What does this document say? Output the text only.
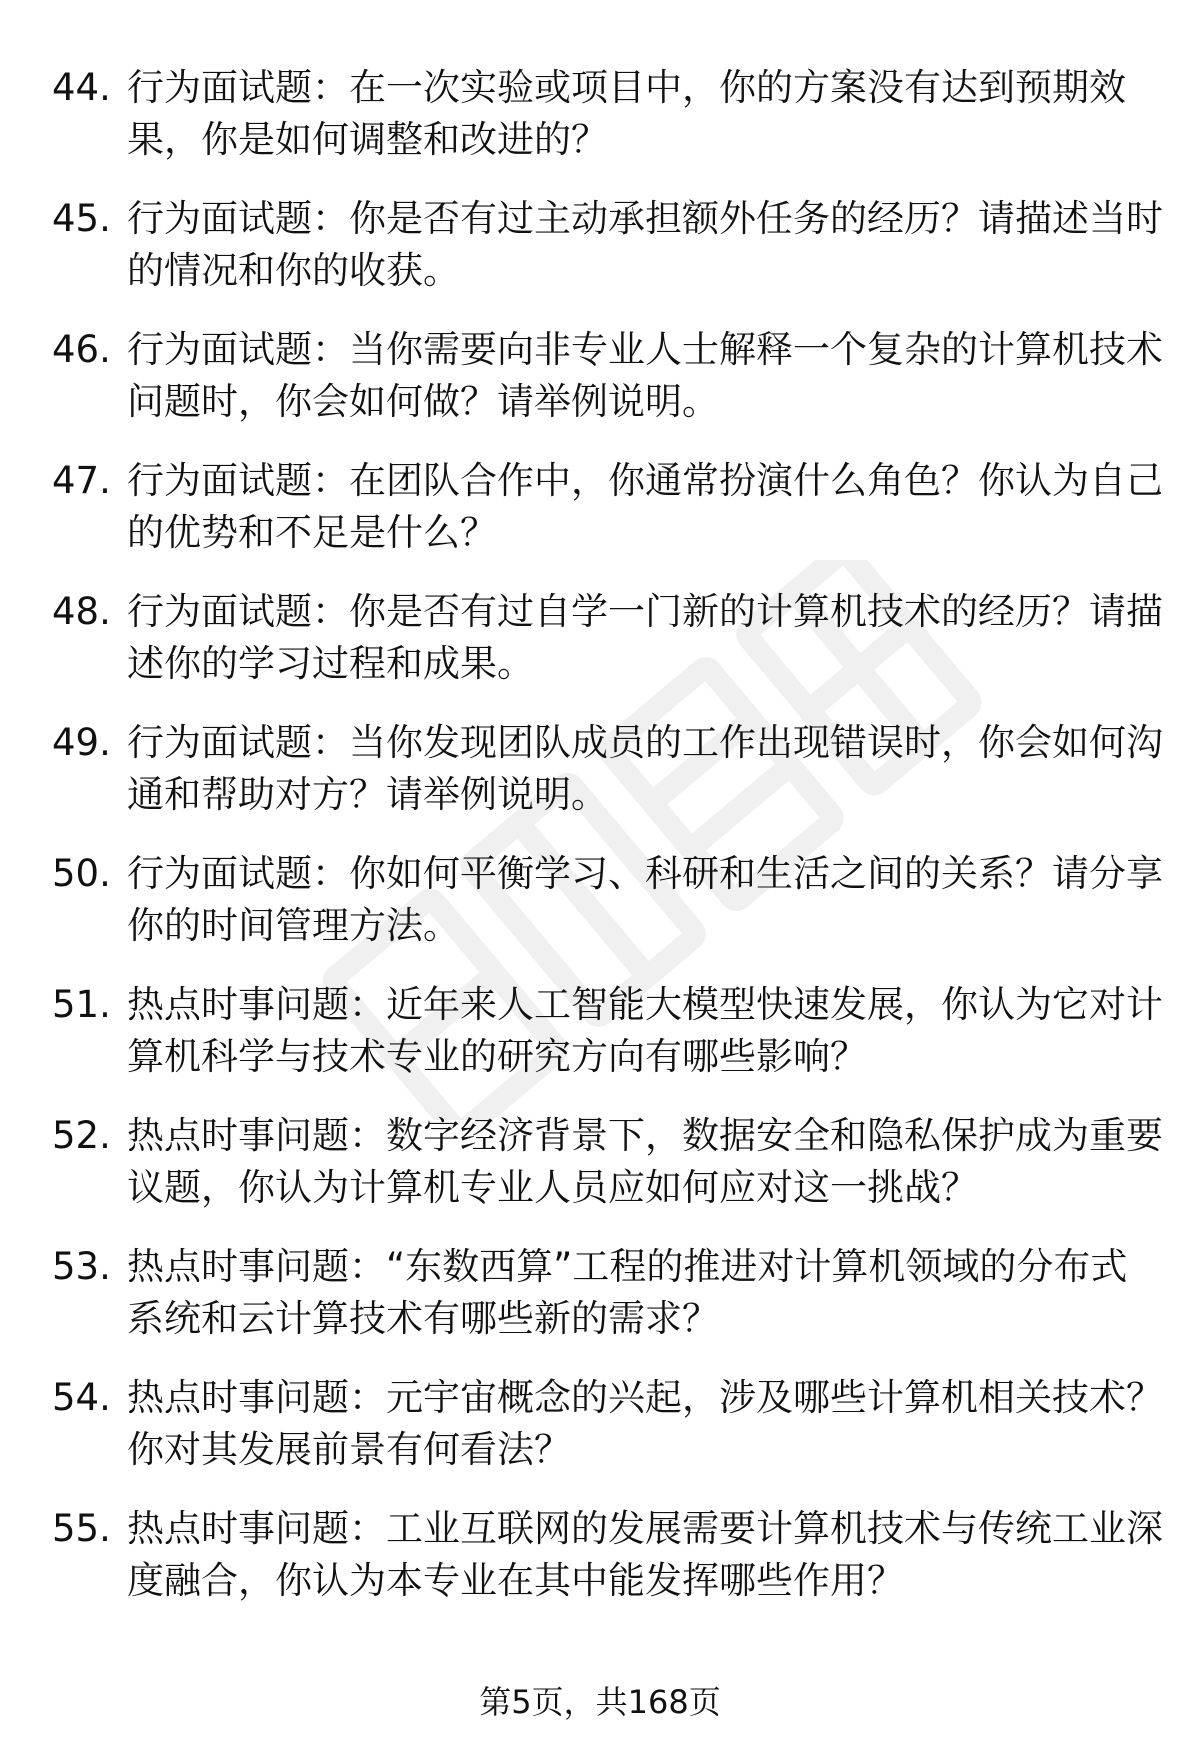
44. 行为面试题：在一次实验或项目中，你的方案没有达到预期效
果，你是如何调整和改进的？
45. 行为面试题：你是否有过主动承担额外任务的经历？请描述当时
的情况和你的收获。
46. 行为面试题：当你需要向非专业人士解释一个复杂的计算机技术
问题时，你会如何做？请举例说明。
47. 行为面试题：在团队合作中，你通常扮演什么角色？你认为自己
的优势和不足是什么？
48. 行为面试题：你是否有过自学一门新的计算机技术的经历？请描
述你的学习过程和成果。
49. 行为面试题：当你发现团队成员的工作出现错误时，你会如何沟
通和帮助对方？请举例说明。
50. 行为面试题：你如何平衡学习、科研和生活之间的关系？请分享
你的时间管理方法。
51. 热点时事问题：近年来人工智能大模型快速发展，你认为它对计
算机科学与技术专业的研究方向有哪些影响？
52. 热点时事问题：数字经济背景下，数据安全和隐私保护成为重要
议题，你认为计算机专业人员应如何应对这一挑战？
53. 热点时事问题：“东数西算”工程的推进对计算机领域的分布式
系统和云计算技术有哪些新的需求？
54. 热点时事问题：元宇宙概念的兴起，涉及哪些计算机相关技术？
你对其发展前景有何看法？
55. 热点时事问题：工业互联网的发展需要计算机技术与传统工业深
度融合，你认为本专业在其中能发挥哪些作用？
第5页，共168页
